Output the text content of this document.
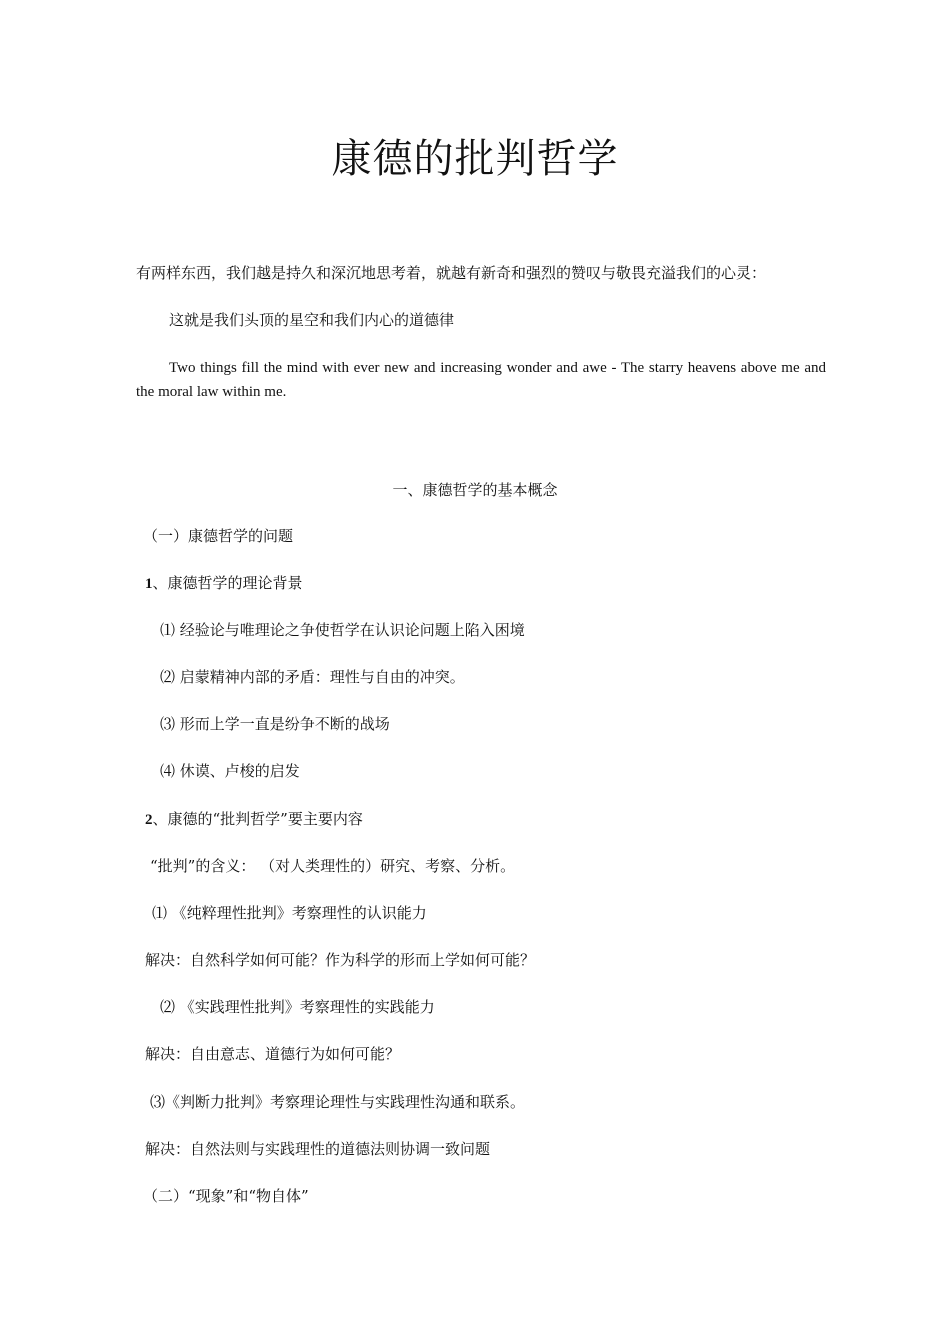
康德的批判哲学
有两样东西，我们越是持久和深沉地思考着，就越有新奇和强烈的赞叹与敬畏充溢我们的心灵：
这就是我们头顶的星空和我们内心的道德律
Two things fill the mind with ever new and increasing wonder and awe - The starry heavens above me and the moral law within me.
一、康德哲学的基本概念
（一）康德哲学的问题
1、康德哲学的理论背景
⑴ 经验论与唯理论之争使哲学在认识论问题上陷入困境
⑵ 启蒙精神内部的矛盾：理性与自由的冲突。
⑶ 形而上学一直是纷争不断的战场
⑷ 休谟、卢梭的启发
2、康德的“批判哲学”要主要内容
“批判”的含义： （对人类理性的）研究、考察、分析。
⑴ 《纯粹理性批判》考察理性的认识能力
解决：自然科学如何可能？作为科学的形而上学如何可能？
⑵ 《实践理性批判》考察理性的实践能力
解决：自由意志、道德行为如何可能？
⑶《判断力批判》考察理论理性与实践理性沟通和联系。
解决：自然法则与实践理性的道德法则协调一致问题
（二）“现象”和“物自体”
